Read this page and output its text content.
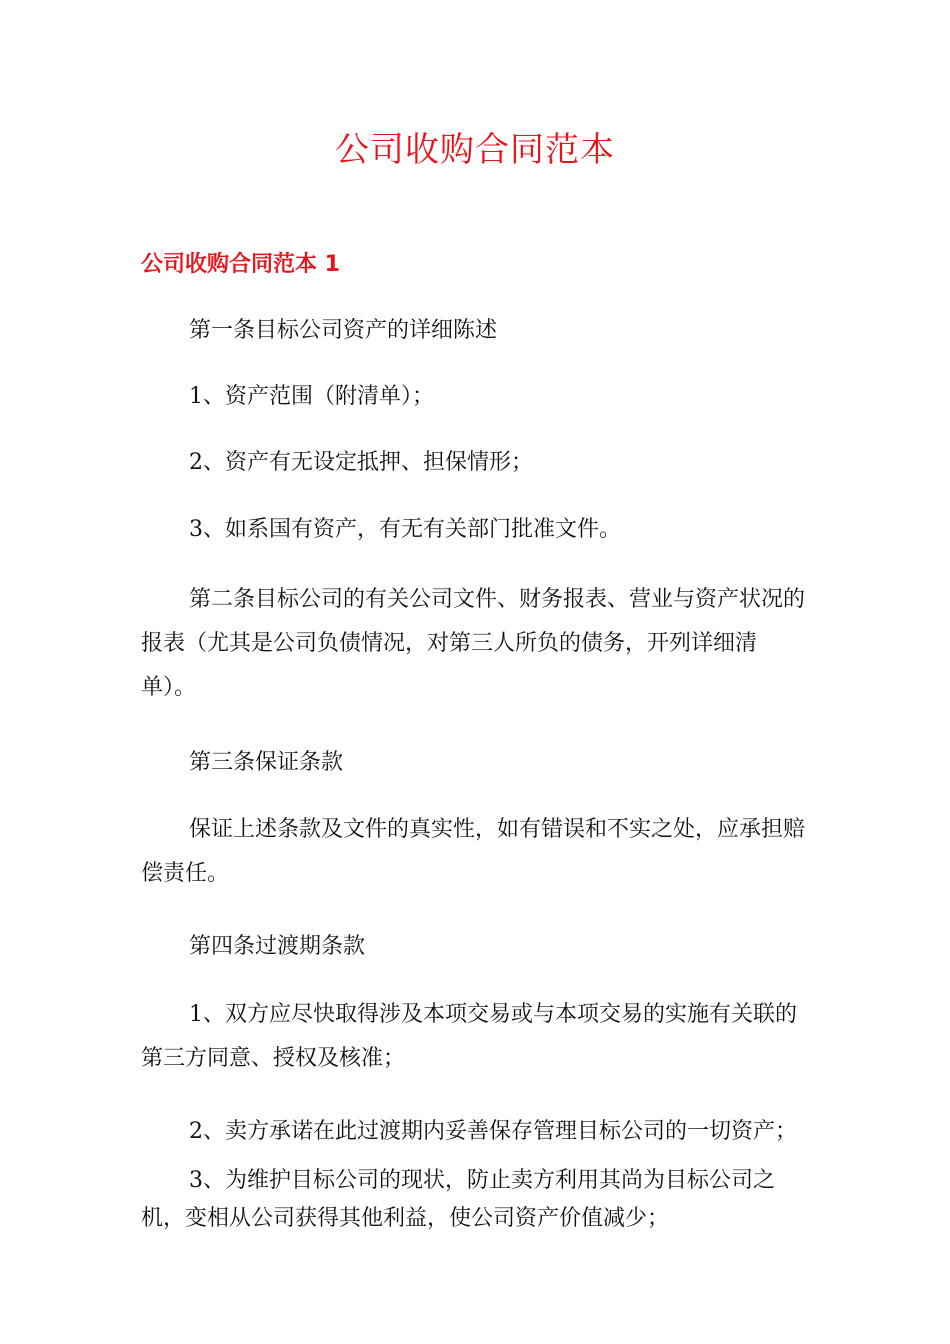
公司收购合同范本
公司收购合同范本 1

第一条目标公司资产的详细陈述

1、资产范围（附清单）；

2、资产有无设定抵押、担保情形；

3、如系国有资产，有无有关部门批准文件。

第二条目标公司的有关公司文件、财务报表、营业与资产状况的报表（尤其是公司负债情况，对第三人所负的债务，开列详细清单）。

第三条保证条款

保证上述条款及文件的真实性，如有错误和不实之处，应承担赔偿责任。

第四条过渡期条款

1、双方应尽快取得涉及本项交易或与本项交易的实施有关联的第三方同意、授权及核准；

2、卖方承诺在此过渡期内妥善保存管理目标公司的一切资产；

3、为维护目标公司的现状，防止卖方利用其尚为目标公司之机，变相从公司获得其他利益，使公司资产价值减少；
